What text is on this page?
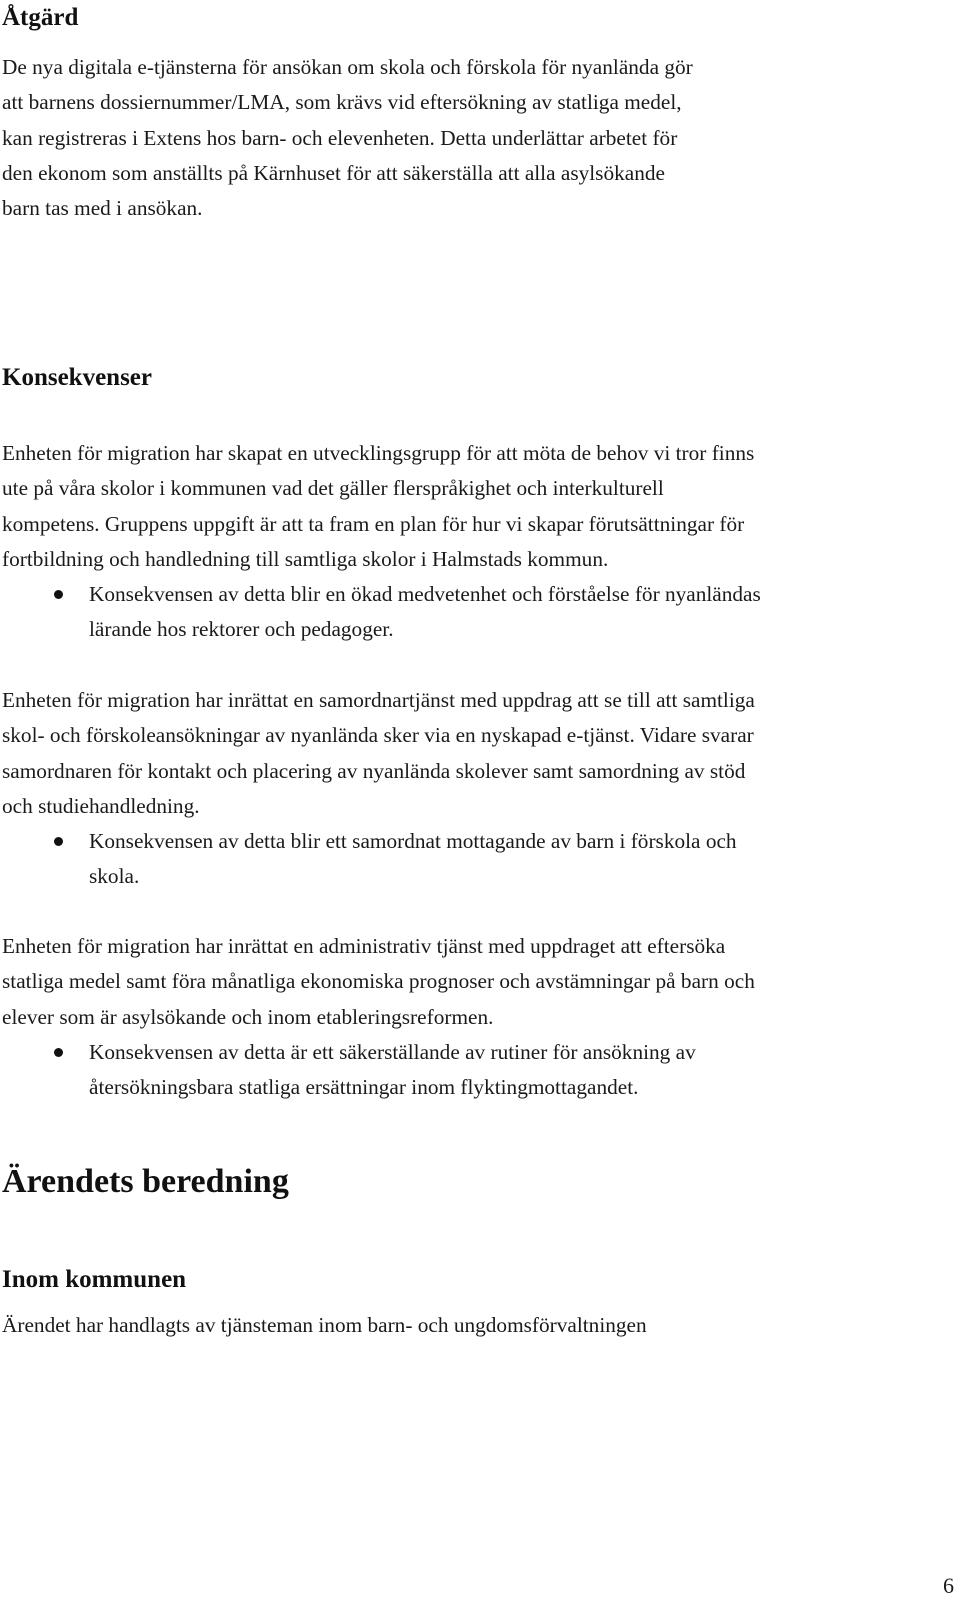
Åtgärd
De nya digitala e-tjänsterna för ansökan om skola och förskola för nyanlända gör
att barnens dossiernummer/LMA, som krävs vid eftersökning av statliga medel,
kan registreras i Extens hos barn- och elevenheten. Detta underlättar arbetet för
den ekonom som anställts på Kärnhuset för att säkerställa att alla asylsökande
barn tas med i ansökan.
Konsekvenser
Enheten för migration har skapat en utvecklingsgrupp för att möta de behov vi tror finns
ute på våra skolor i kommunen vad det gäller flerspråkighet och interkulturell
kompetens. Gruppens uppgift är att ta fram en plan för hur vi skapar förutsättningar för
fortbildning och handledning till samtliga skolor i Halmstads kommun.
Konsekvensen av detta blir en ökad medvetenhet och förståelse för nyanländas
lärande hos rektorer och pedagoger.
Enheten för migration har inrättat en samordnartjänst med uppdrag att se till att samtliga
skol- och förskoleansökningar av nyanlända sker via en nyskapad e-tjänst. Vidare svarar
samordnaren för kontakt och placering av nyanlända skolever samt samordning av stöd
och studiehandledning.
Konsekvensen av detta blir ett samordnat mottagande av barn i förskola och
skola.
Enheten för migration har inrättat en administrativ tjänst med uppdraget att eftersöka
statliga medel samt föra månatliga ekonomiska prognoser och avstämningar på barn och
elever som är asylsökande och inom etableringsreformen.
Konsekvensen av detta är ett säkerställande av rutiner för ansökning av
återsökningsbara statliga ersättningar inom flyktingmottagandet.
Ärendets beredning
Inom kommunen
Ärendet har handlagts av tjänsteman inom barn- och ungdomsförvaltningen
6
